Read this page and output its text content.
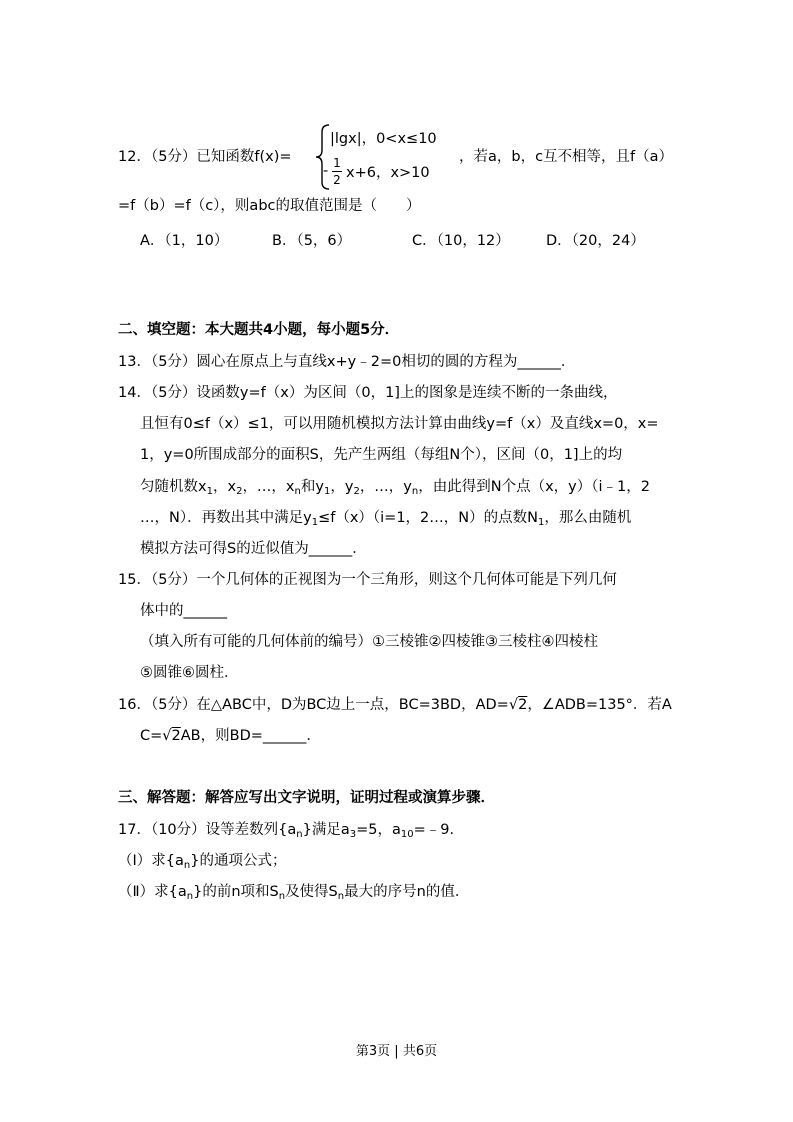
12．（5分）已知函数f(x)=
|lgx|，0<x≤10
- 1
2 x+6，x>10
，若a，b，c互不相等，且f（a）
=f（b）=f（c），则abc的取值范围是（　　）
A．（1，10）	B．（5，6）	C．（10，12） D．（20，24）
二、填空题：本大题共4小题，每小题5分．
13．（5分）圆心在原点上与直线x+y﹣2=0相切的圆的方程为______．
14．（5分）设函数y=f（x）为区间（0，1]上的图象是连续不断的一条曲线，
且恒有0≤f（x）≤1，可以用随机模拟方法计算由曲线y=f（x）及直线x=0，x=
1，y=0所围成部分的面积S，先产生两组（每组N个），区间（0，1]上的均
匀随机数$x_1$，$x_2$，…，$x_n$和$y_1$，$y_2$，…，$y_n$，由此得到N个点（x，y）（i﹣1，2
…，N）．再数出其中满足$y_1\le f(x)(i=1$，2…，N）的点数$N_1$，那么由随机
模拟方法可得S的近似值为______．
15．（5分）一个几何体的正视图为一个三角形，则这个几何体可能是下列几何
体中的______
（填入所有可能的几何体前的编号）①三棱锥②四棱锥③三棱柱④四棱柱
⑤圆锥⑥圆柱．
16．（5分）在△ABC中，D为BC边上一点，BC=3BD，AD=√2，∠ADB=135°．若A
C=√2AB，则BD=______．
三、解答题：解答应写出文字说明，证明过程或演算步骤．
17．（10分）设等差数列$\{a_n\}$满足$a_3=5$，$a_{10}=﹣9$．
（Ⅰ）求$\{a_n\}$的通项公式；
（Ⅱ）求$\{a_n\}$的前n项和$S_n$及使得$S_n$最大的序号n的值．
第3页 | 共6页
